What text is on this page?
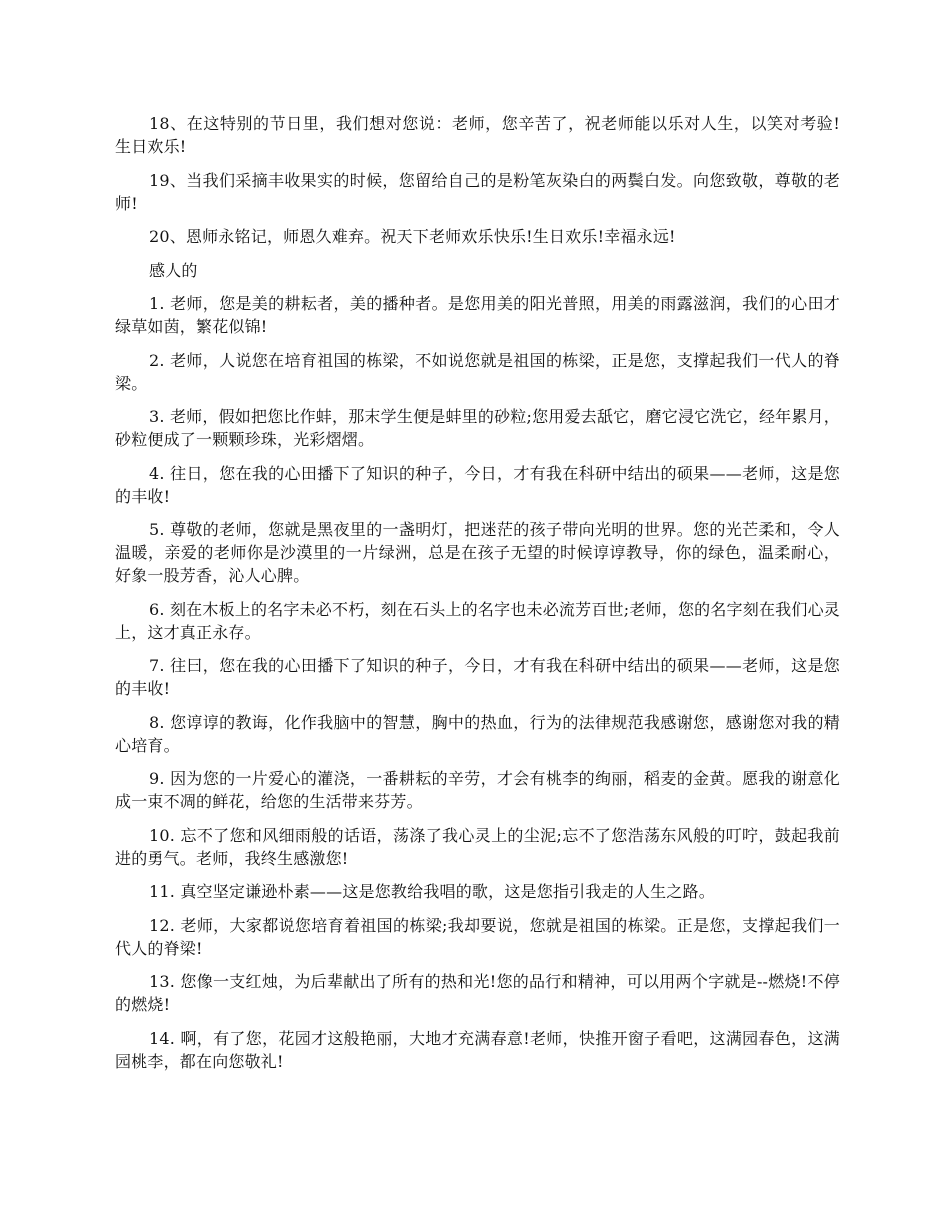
18、在这特别的节日里，我们想对您说：老师，您辛苦了，祝老师能以乐对人生，以笑对考验!生日欢乐!

19、当我们采摘丰收果实的时候，您留给自己的是粉笔灰染白的两鬓白发。向您致敬，尊敬的老师!

20、恩师永铭记，师恩久难弃。祝天下老师欢乐快乐!生日欢乐!幸福永远!

感人的

1. 老师，您是美的耕耘者，美的播种者。是您用美的阳光普照，用美的雨露滋润，我们的心田才绿草如茵，繁花似锦!

2. 老师，人说您在培育祖国的栋梁，不如说您就是祖国的栋梁，正是您，支撑起我们一代人的脊梁。

3. 老师，假如把您比作蚌，那末学生便是蚌里的砂粒;您用爱去舐它，磨它浸它洗它，经年累月，砂粒便成了一颗颗珍珠，光彩熠熠。

4. 往日，您在我的心田播下了知识的种子，今日，才有我在科研中结出的硕果——老师，这是您的丰收!

5. 尊敬的老师，您就是黑夜里的一盏明灯，把迷茫的孩子带向光明的世界。您的光芒柔和，令人温暖，亲爱的老师你是沙漠里的一片绿洲，总是在孩子无望的时候谆谆教导，你的绿色，温柔耐心，好象一股芳香，沁人心脾。

6. 刻在木板上的名字未必不朽，刻在石头上的名字也未必流芳百世;老师，您的名字刻在我们心灵上，这才真正永存。

7. 往曰，您在我的心田播下了知识的种子，今日，才有我在科研中结出的硕果——老师，这是您的丰收!

8. 您谆谆的教诲，化作我脑中的智慧，胸中的热血，行为的法律规范我感谢您，感谢您对我的精心培育。

9. 因为您的一片爱心的灌浇，一番耕耘的辛劳，才会有桃李的绚丽，稻麦的金黄。愿我的谢意化成一束不凋的鲜花，给您的生活带来芬芳。

10. 忘不了您和风细雨般的话语，荡涤了我心灵上的尘泥;忘不了您浩荡东风般的叮咛，鼓起我前进的勇气。老师，我终生感激您!

11. 真空坚定谦逊朴素——这是您教给我唱的歌，这是您指引我走的人生之路。

12. 老师，大家都说您培育着祖国的栋梁;我却要说，您就是祖国的栋梁。正是您，支撑起我们一代人的脊梁!

13. 您像一支红烛，为后辈献出了所有的热和光!您的品行和精神，可以用两个字就是--燃烧!不停的燃烧!

14. 啊，有了您，花园才这般艳丽，大地才充满春意!老师，快推开窗子看吧，这满园春色，这满园桃李，都在向您敬礼!
